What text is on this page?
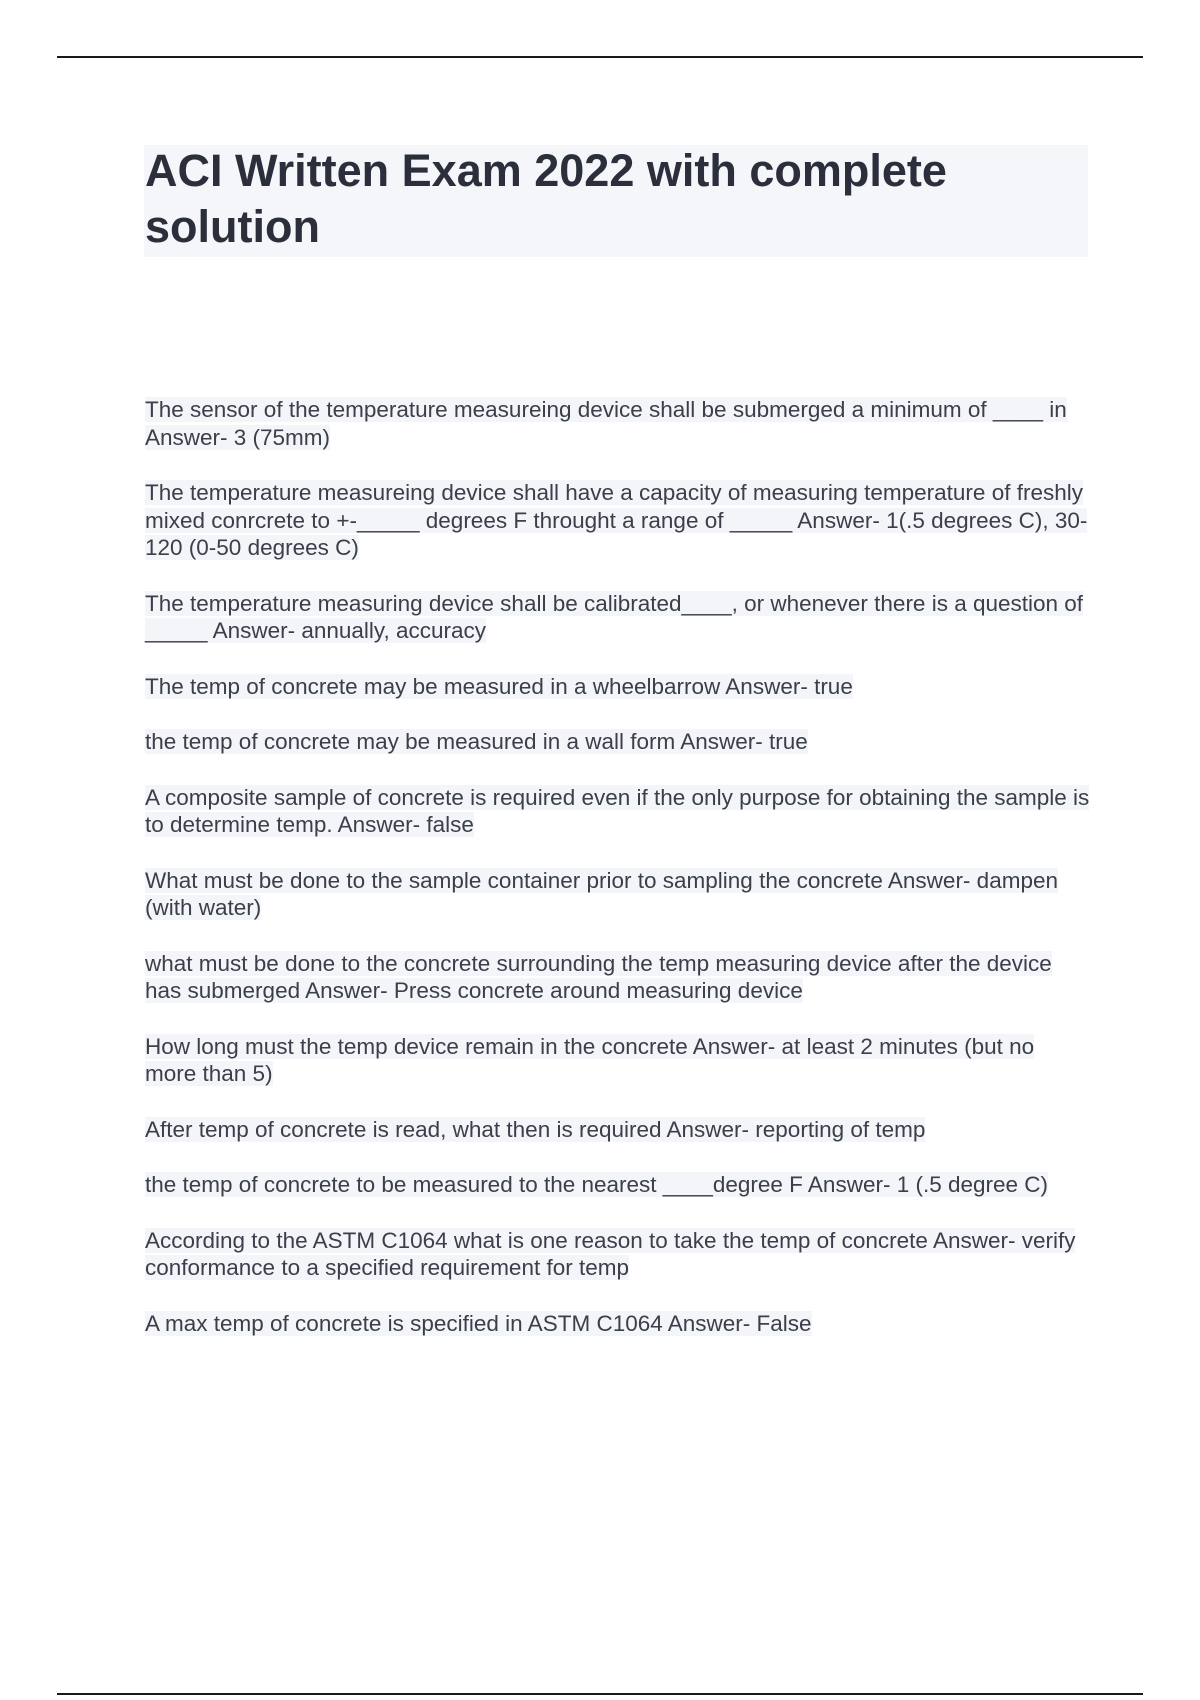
ACI Written Exam 2022 with complete solution

The sensor of the temperature measureing device shall be submerged a minimum of ____ in Answer- 3 (75mm)

The temperature measureing device shall have a capacity of measuring temperature of freshly mixed conrcrete to +-_____ degrees F throught a range of _____ Answer- 1(.5 degrees C), 30-120 (0-50 degrees C)

The temperature measuring device shall be calibrated____, or whenever there is a question of _____ Answer- annually, accuracy

The temp of concrete may be measured in a wheelbarrow Answer- true

the temp of concrete may be measured in a wall form Answer- true

A composite sample of concrete is required even if the only purpose for obtaining the sample is to determine temp. Answer- false

What must be done to the sample container prior to sampling the concrete Answer- dampen (with water)

what must be done to the concrete surrounding the temp measuring device after the device has submerged Answer- Press concrete around measuring device

How long must the temp device remain in the concrete Answer- at least 2 minutes (but no more than 5)

After temp of concrete is read, what then is required Answer- reporting of temp

the temp of concrete to be measured to the nearest ____degree F Answer- 1 (.5 degree C)

According to the ASTM C1064 what is one reason to take the temp of concrete Answer- verify conformance to a specified requirement for temp

A max temp of concrete is specified in ASTM C1064 Answer- False
